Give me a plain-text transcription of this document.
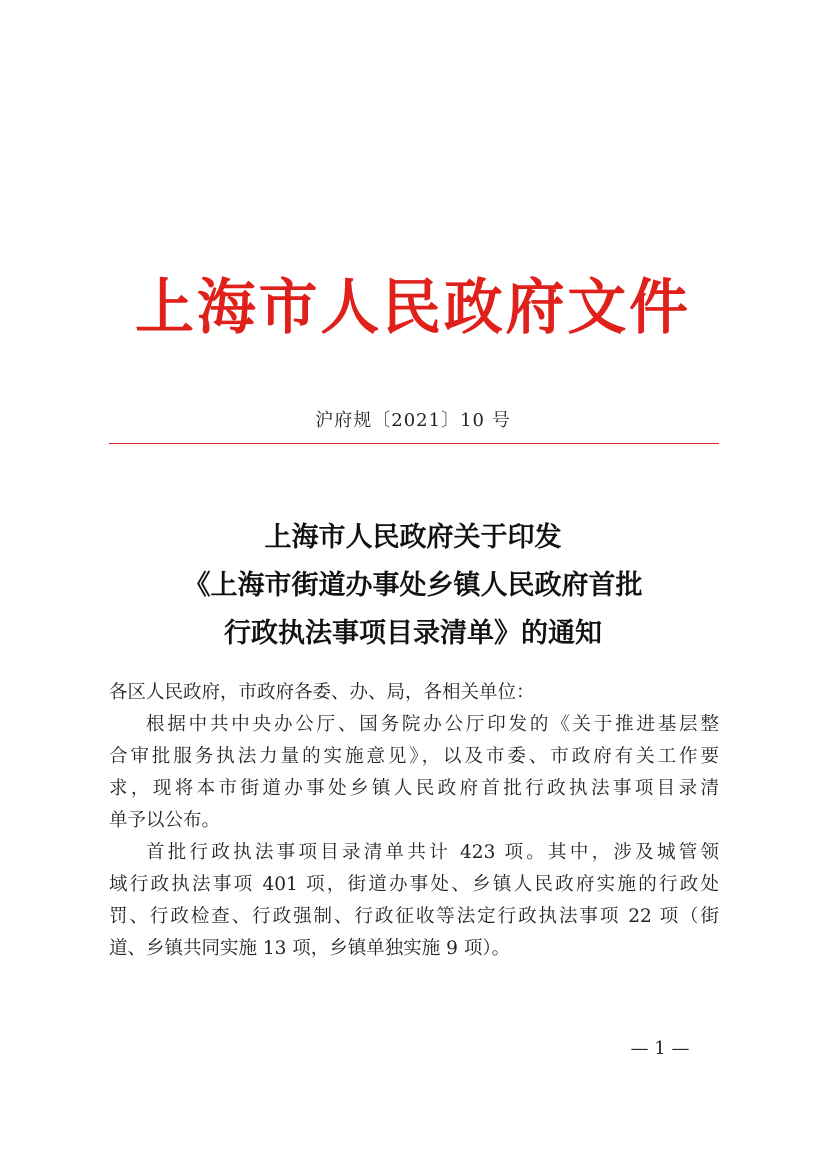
上海市人民政府文件
沪府规〔2021〕10 号
上海市人民政府关于印发
《上海市街道办事处乡镇人民政府首批
行政执法事项目录清单》的通知
各区人民政府，市政府各委、办、局，各相关单位：
根据中共中央办公厅、国务院办公厅印发的《关于推进基层整
合审批服务执法力量的实施意见》，以及市委、市政府有关工作要
求，现将本市街道办事处乡镇人民政府首批行政执法事项目录清
单予以公布。
首批行政执法事项目录清单共计 423 项。其中，涉及城管领
域行政执法事项 401 项，街道办事处、乡镇人民政府实施的行政处
罚、行政检查、行政强制、行政征收等法定行政执法事项 22 项（街
道、乡镇共同实施 13 项，乡镇单独实施 9 项）。
— 1 —
